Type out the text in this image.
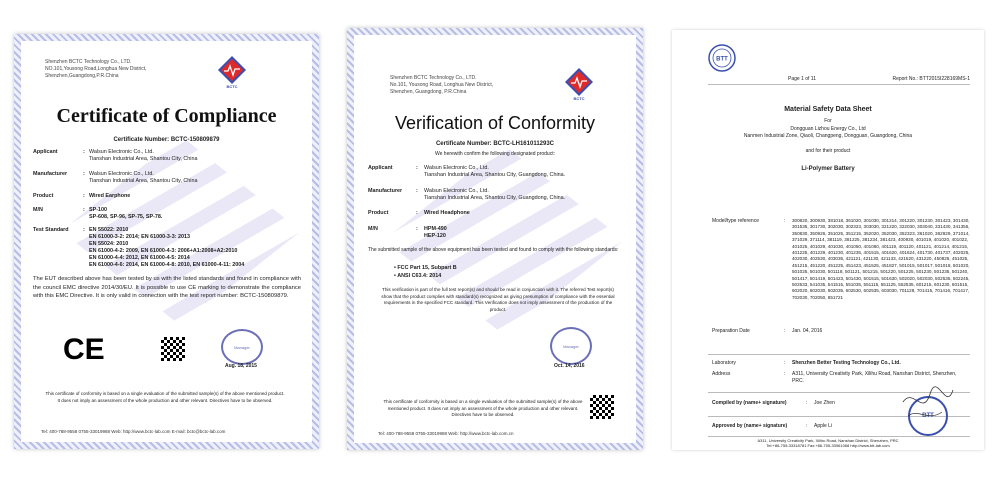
Shenzhen BCTC Technology Co., LTD.
NO.101,Yousong Road,Longhua New District,
Shenzhen,Guangdong,P.R.China
BCTC
Certificate of Compliance
Certificate Number: BCTC-150809879
Applicant	: Walsun Electronic Co., Ltd.
Tianshan Industrial Area, Shantou City, China
Manufacturer	: Walsun Electronic Co., Ltd.
Tianshan Industrial Area, Shantou City, China
Product	: Wired Earphone
M/N	: SP-100
SP-608, SP-96, SP-75, SP-78.
Test Standard	: EN 55022: 2010
EN 61000-3-2: 2014; EN 61000-3-3: 2013
EN 55024: 2010
EN 61000-4-2: 2009, EN 61000-4-3: 2006+A1:2008+A2:2010
EN 61000-4-4: 2012, EN 61000-4-5: 2014
EN 61000-4-6: 2014, EN 61000-4-8: 2010, EN 61000-4-11: 2004
The EUT described above has been tested by us with the listed standards and found in compliance with the council EMC directive 2014/30/EU. It is possible to use CE marking to demonstrate the compliance with this EMC Directive. It is only valid in connection with the test report number: BCTC-150809879.
CE	Manager
Aug. 18, 2015
This certificate of conformity is based on a single evaluation of the submitted sample(s) of the above mentioned product. It does not imply an assessment of the whole production and other relevant. Directives have to be observed.
Tel: 400-788-9558 0755-33019988 Web: http://www.bctc-lab.com E-mail: bctc@bctc-lab.com
Shenzhen BCTC Technology Co., LTD.
No.101, Yousong Road, Longhua New District,
Shenzhen, Guangdong, P.R.China
BCTC
Verification of Conformity
Certificate Number: BCTC-LH161011293C
We herewith confirm the following designated product:
Applicant	: Walsun Electronic Co., Ltd.
Tianshan Industrial Area, Shantou City, Guangdong, China.
Manufacturer	: Walsun Electronic Co., Ltd.
Tianshan Industrial Area, Shantou City, Guangdong, China.
Product	: Wired Headphone
M/N	: HPM-490
HEP-120
The submitted sample of the above equipment has been tested and found to comply with the following standards:
• FCC Part 15, Subpart B
• ANSI C63.4: 2014
This verification is part of the full test report(s) and should be read in conjunction with it. The referred Test report(s) show that the product complies with standard(s) recognized as giving presumption of compliance with the essential requirements in the specified FCC standard. This Verification does not imply assessment of the production of the product.
Manager
Oct. 14, 2016
This certificate of conformity is based on a single evaluation of the submitted sample(s) of the above mentioned product. It does not imply an assessment of the whole production and other relevant. Directives have to be observed.
Tel: 400-788-9558 0755-33019988 Web: http://www.bctc-lab.com.cn
BTT
Page 1 of 11	Report No.: BTT2015I228169MS-1
Material Safety Data Sheet
For
Dongguan Lizhou Energy Co., Ltd
Nanmen Industrial Zone, Qiaoli, Changpeng, Dongguan, Guangdong, China
and for their product
Li-Polymer Battery
Model/type reference	: 300820, 300930, 381018, 361020, 301030, 301214, 301220, 301230, 301423, 301430, 301535, 301730, 302030, 302323, 303030, 321220, 322030, 303040, 331430, 341355, 350830, 350926, 351025, 351215, 352020, 352030, 352323, 361020, 362929, 371014, 371029, 371114, 381119, 381225, 381234, 381423, 400930, 401019, 401020, 401022, 401025, 401029, 401030, 401050, 401060, 401119, 401120, 401121, 401214, 401215, 401225, 401229, 401230, 401235, 401515, 401620, 401624, 401730, 401737, 402025, 402030, 402530, 403035, 421121, 421130, 421133, 421520, 431220, 450825, 451025, 451215, 451220, 451225, 451423, 451525, 451827, 501015, 501017, 501018, 501020, 501025, 501030, 501118, 501121, 501215, 501220, 501225, 501230, 501235, 501240, 501417, 501419, 501423, 501430, 501515, 501630, 502020, 502030, 502535, 502245, 502533, 541035, 541515, 551035, 551115, 551125, 552535, 601215, 601230, 601515, 602020, 602030, 602035, 602530, 602535, 603030, 701128, 701415, 701416, 701417, 702030, 702050, 851721
Preparation Date	: Jan. 04, 2016
Laboratory	: Shenzhen Better Testing Technology Co., Ltd.
Address	: A311, University Creativity Park, Xilihu Road, Nanshan District, Shenzhen, PRC.
Compiled by (name+ signature)	: Joe Zhen
Approved by (name+ signature)	: Apple Li
BTT
A311, University Creativity Park, Xilihu Road, Nanshan District, Shenzhen, PRC
Tel:+86-755-33318781 Fax:+86-755-33961068 http://www.btt-lab.com
